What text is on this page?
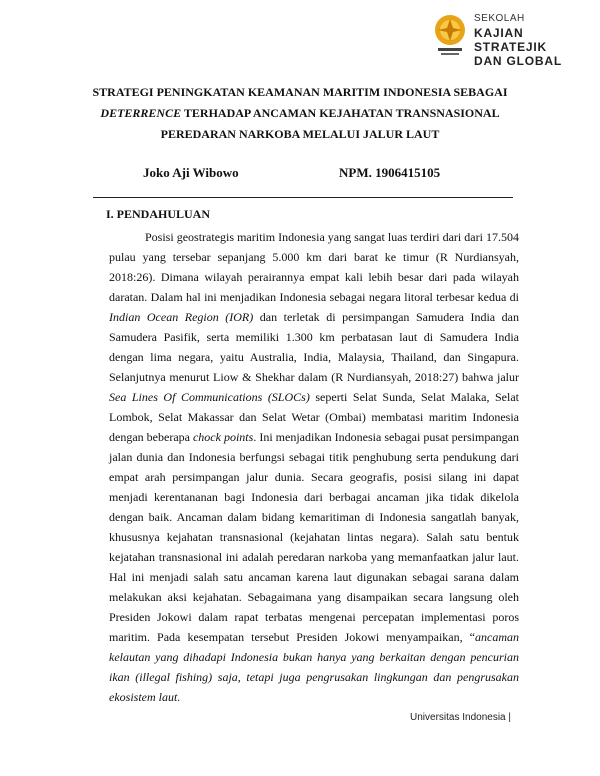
SEKOLAH
KAJIAN STRATEJIK
DAN GLOBAL
STRATEGI PENINGKATAN KEAMANAN MARITIM INDONESIA SEBAGAI
DETERRENCE TERHADAP ANCAMAN KEJAHATAN TRANSNASIONAL
PEREDARAN NARKOBA MELALUI JALUR LAUT
Joko Aji Wibowo	NPM. 1906415105
I. PENDAHULUAN

Posisi geostrategis maritim Indonesia yang sangat luas terdiri dari dari 17.504 pulau yang tersebar sepanjang 5.000 km dari barat ke timur (R Nurdiansyah, 2018:26). Dimana wilayah perairannya empat kali lebih besar dari pada wilayah daratan. Dalam hal ini menjadikan Indonesia sebagai negara litoral terbesar kedua di Indian Ocean Region (IOR) dan terletak di persimpangan Samudera India dan Samudera Pasifik, serta memiliki 1.300 km perbatasan laut di Samudera India dengan lima negara, yaitu Australia, India, Malaysia, Thailand, dan Singapura. Selanjutnya menurut Liow & Shekhar dalam (R Nurdiansyah, 2018:27) bahwa jalur Sea Lines Of Communications (SLOCs) seperti Selat Sunda, Selat Malaka, Selat Lombok, Selat Makassar dan Selat Wetar (Ombai) membatasi maritim Indonesia dengan beberapa chock points. Ini menjadikan Indonesia sebagai pusat persimpangan jalan dunia dan Indonesia berfungsi sebagai titik penghubung serta pendukung dari empat arah persimpangan jalur dunia. Secara geografis, posisi silang ini dapat menjadi kerentananan bagi Indonesia dari berbagai ancaman jika tidak dikelola dengan baik. Ancaman dalam bidang kemaritiman di Indonesia sangatlah banyak, khususnya kejahatan transnasional (kejahatan lintas negara). Salah satu bentuk kejatahan transnasional ini adalah peredaran narkoba yang memanfaatkan jalur laut. Hal ini menjadi salah satu ancaman karena laut digunakan sebagai sarana dalam melakukan aksi kejahatan. Sebagaimana yang disampaikan secara langsung oleh Presiden Jokowi dalam rapat terbatas mengenai percepatan implementasi poros maritim. Pada kesempatan tersebut Presiden Jokowi menyampaikan, “ancaman kelautan yang dihadapi Indonesia bukan hanya yang berkaitan dengan pencurian ikan (illegal fishing) saja, tetapi juga pengrusakan lingkungan dan pengrusakan ekosistem laut.

Universitas Indonesia |
